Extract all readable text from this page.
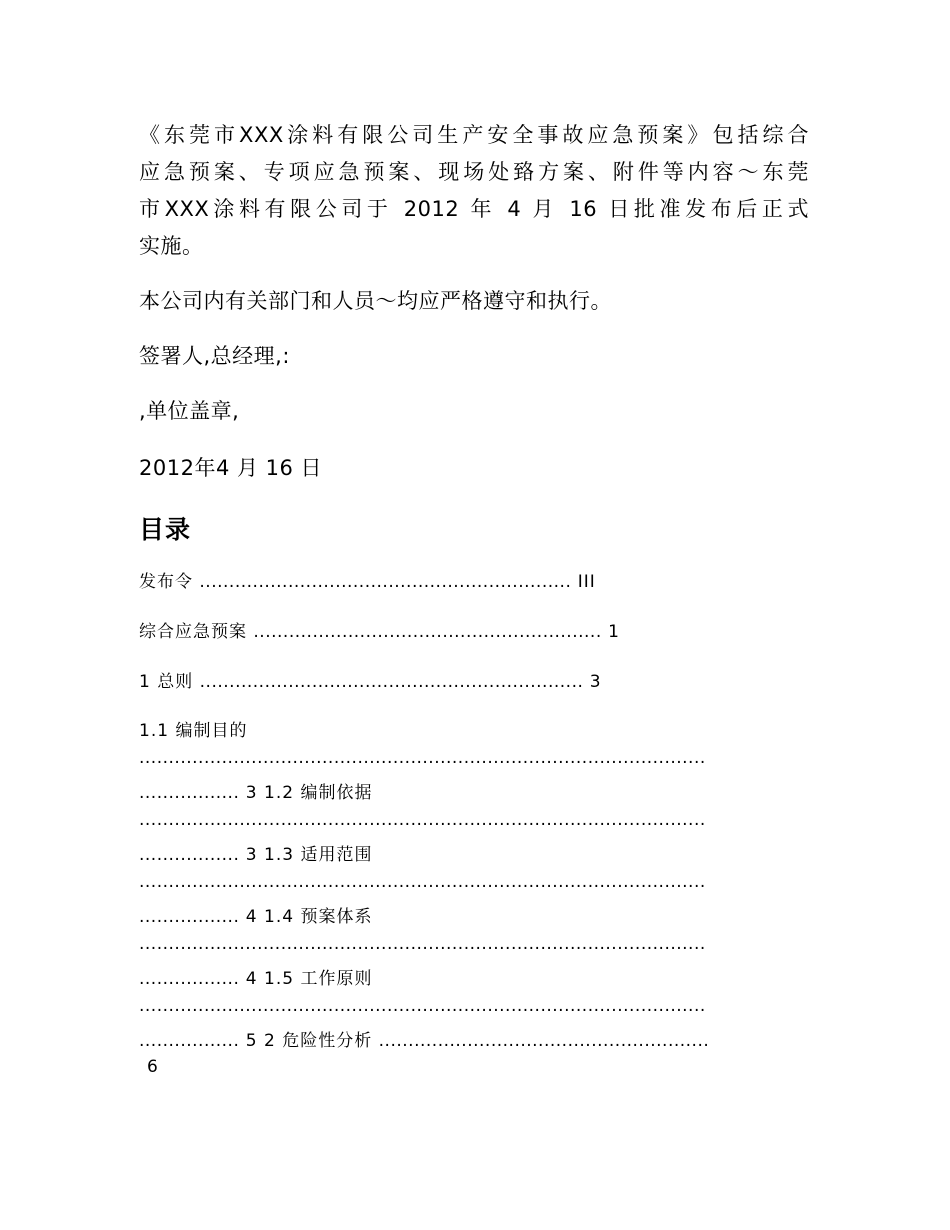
《东莞市XXX涂料有限公司生产安全事故应急预案》包括综合
应急预案、专项应急预案、现场处臵方案、附件等内容～东莞
市XXX涂料有限公司于 2012 年 4 月 16 日批准发布后正式
实施。
本公司内有关部门和人员～均应严格遵守和执行。
签署人,总经理,:
,单位盖章,
2012年4 月 16 日
目录
发布令 ............................................................... III
综合应急预案 ........................................................... 1
1 总则 ................................................................. 3
1.1 编制目的
................................................................................................
................. 3 1.2 编制依据
................................................................................................
................. 3 1.3 适用范围
................................................................................................
................. 4 1.4 预案体系
................................................................................................
................. 4 1.5 工作原则
................................................................................................
................. 5 2 危险性分析 ........................................................
6
